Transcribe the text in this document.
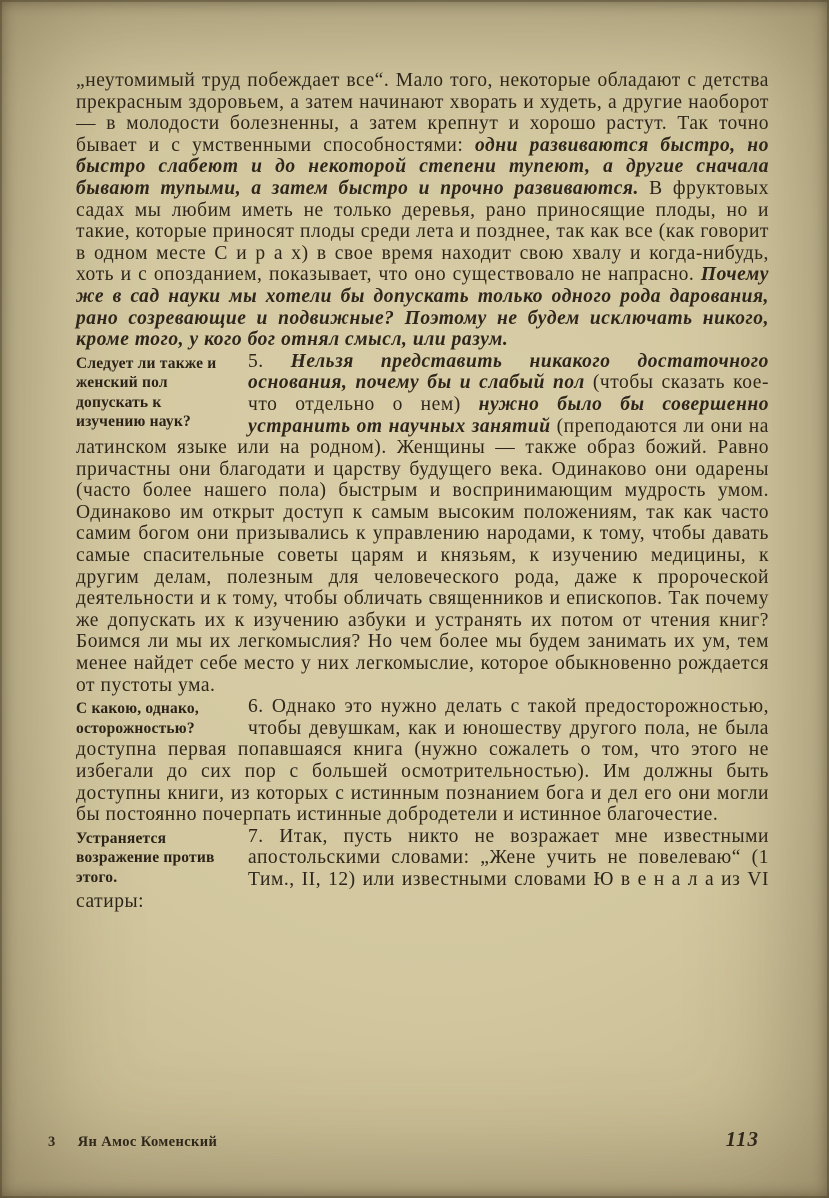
„неутомимый труд побеждает все“. Мало того, некоторые обладают с детства прекрасным здоровьем, а затем начинают хворать и худеть, а другие наоборот — в молодости болезненны, а затем крепнут и хорошо растут. Так точно бывает и с умственными способностями: одни развиваются быстро, но быстро слабеют и до некоторой степени тупеют, а другие сначала бывают тупыми, а затем быстро и прочно развиваются. В фруктовых садах мы любим иметь не только деревья, рано приносящие плоды, но и такие, которые приносят плоды среди лета и позднее, так как все (как говорит в одном месте С и р а х) в свое время находит свою хвалу и когда-нибудь, хоть и с опозданием, показывает, что оно существовало не напрасно. Почему же в сад науки мы хотели бы допускать только одного рода дарования, рано созревающие и подвижные? Поэтому не будем исключать никого, кроме того, у кого бог отнял смысл, или разум.
Следует ли также и женский пол допускать к изучению наук?
5. Нельзя представить никакого достаточного основания, почему бы и слабый пол (чтобы сказать кое-что отдельно о нем) нужно было бы совершенно устранить от научных занятий (преподаются ли они на латинском языке или на родном). Женщины — также образ божий. Равно причастны они благодати и царству будущего века. Одинаково они одарены (часто более нашего пола) быстрым и воспринимающим мудрость умом. Одинаково им открыт доступ к самым высоким положениям, так как часто самим богом они призывались к управлению народами, к тому, чтобы давать самые спасительные советы царям и князьям, к изучению медицины, к другим делам, полезным для человеческого рода, даже к пророческой деятельности и к тому, чтобы обличать священников и епископов. Так почему же допускать их к изучению азбуки и устранять их потом от чтения книг? Боимся ли мы их легкомыслия? Но чем более мы будем занимать их ум, тем менее найдет себе место у них легкомыслие, которое обыкновенно рождается от пустоты ума.
С какою, однако, осторожностью?
6. Однако это нужно делать с такой предосторожностью, чтобы девушкам, как и юношеству другого пола, не была доступна первая попавшаяся книга (нужно сожалеть о том, что этого не избегали до сих пор с большей осмотрительностью). Им должны быть доступны книги, из которых с истинным познанием бога и дел его они могли бы постоянно почерпать истинные добродетели и истинное благочестие.
Устраняется возражение против этого.
7. Итак, пусть никто не возражает мне известными апостольскими словами: „Жене учить не повелеваю“ (1 Тим., II, 12) или известными словами Ю в е н а л а из VI сатиры:
3 Ян Амос Коменский	113
